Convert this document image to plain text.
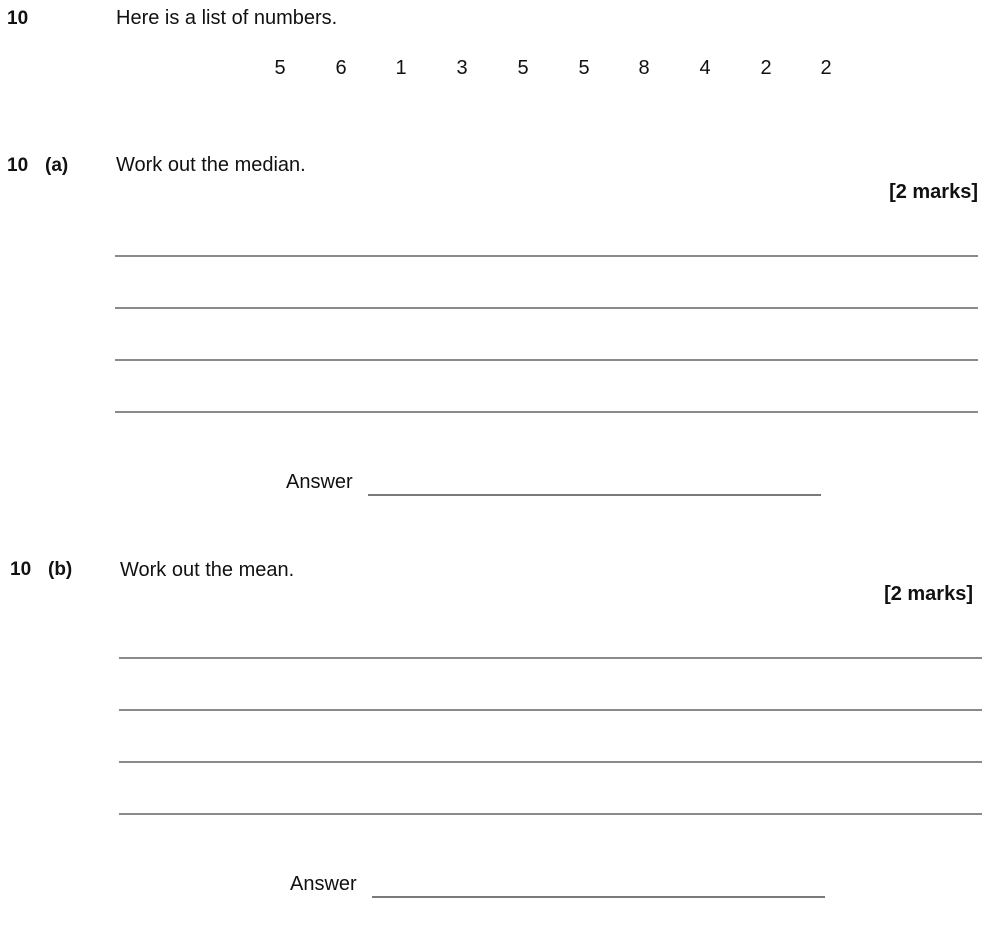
10	Here is a list of numbers.
5	6	1	3	5	5	8	4	2	2
10 (a) Work out the median.
[2 marks]
Answer
10 (b) Work out the mean.
[2 marks]
Answer
